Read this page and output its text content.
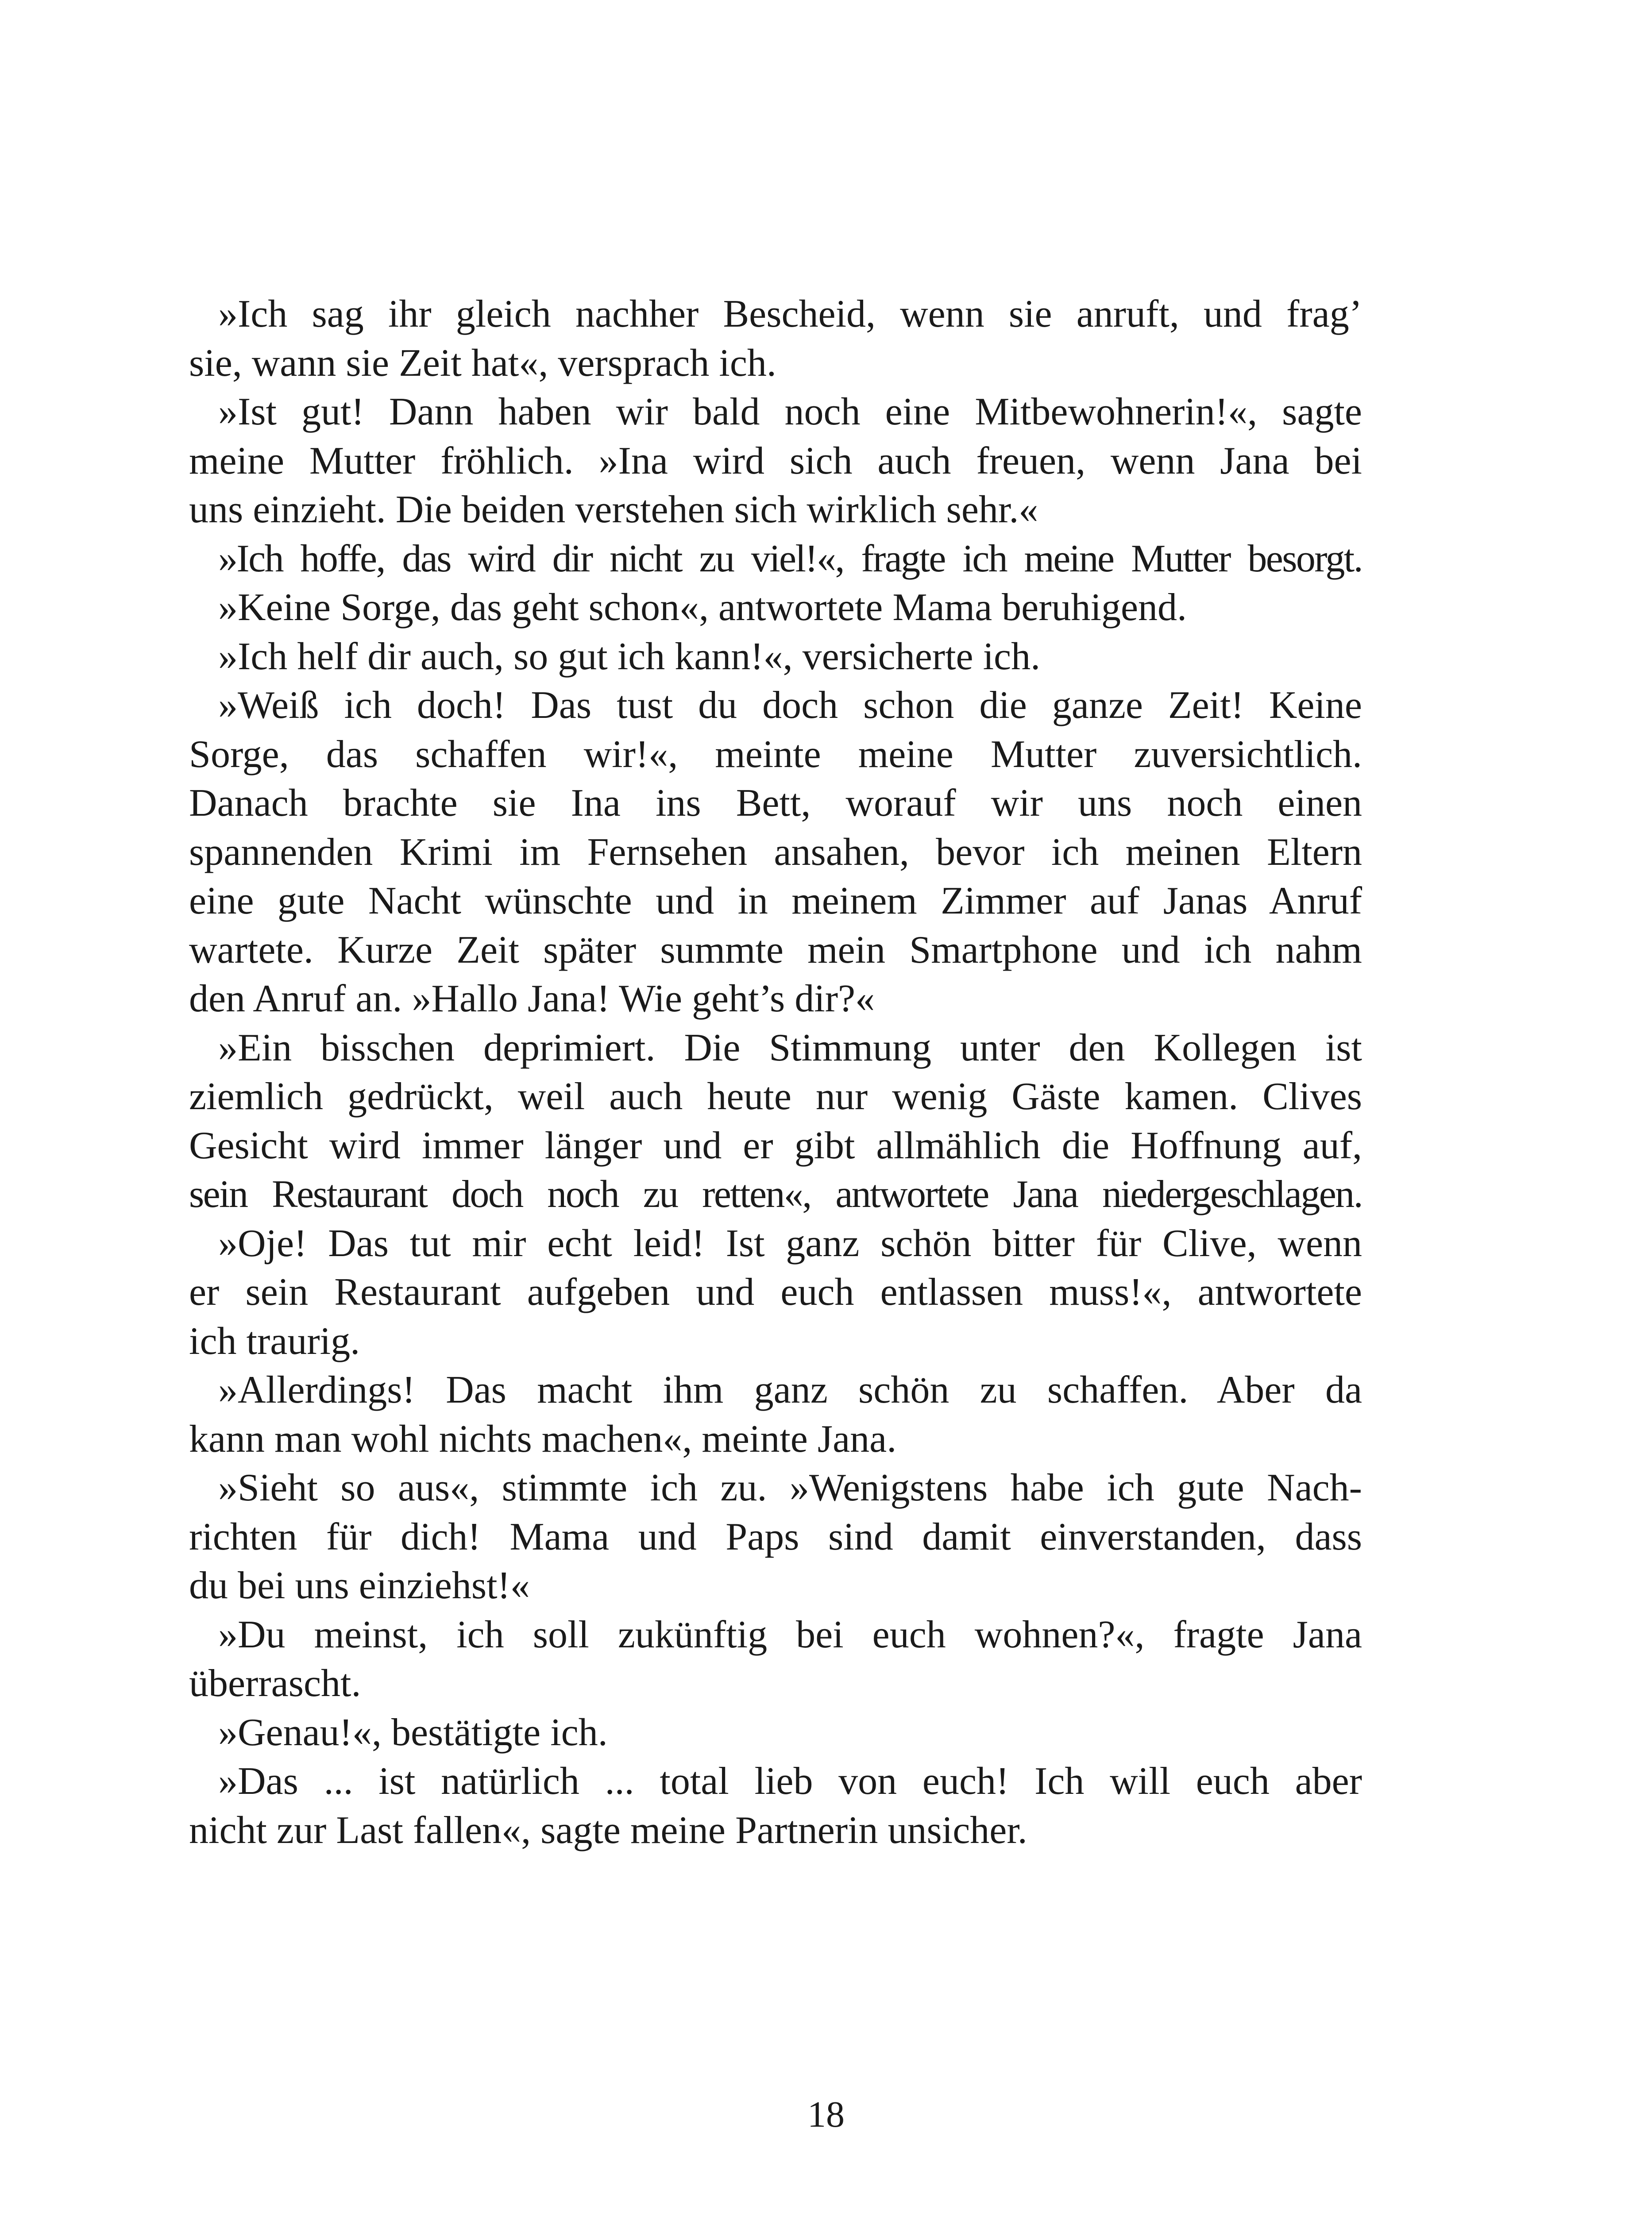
»Ich sag ihr gleich nachher Bescheid, wenn sie anruft, und frag’
sie, wann sie Zeit hat«, versprach ich.
»Ist gut! Dann haben wir bald noch eine Mitbewohnerin!«, sagte
meine Mutter fröhlich. »Ina wird sich auch freuen, wenn Jana bei
uns einzieht. Die beiden verstehen sich wirklich sehr.«
»Ich hoffe, das wird dir nicht zu viel!«, fragte ich meine Mutter besorgt.
»Keine Sorge, das geht schon«, antwortete Mama beruhigend.
»Ich helf dir auch, so gut ich kann!«, versicherte ich.
»Weiß ich doch! Das tust du doch schon die ganze Zeit! Keine
Sorge, das schaffen wir!«, meinte meine Mutter zuversichtlich.
Danach brachte sie Ina ins Bett, worauf wir uns noch einen
spannenden Krimi im Fernsehen ansahen, bevor ich meinen Eltern
eine gute Nacht wünschte und in meinem Zimmer auf Janas Anruf
wartete. Kurze Zeit später summte mein Smartphone und ich nahm
den Anruf an. »Hallo Jana! Wie geht’s dir?«
»Ein bisschen deprimiert. Die Stimmung unter den Kollegen ist
ziemlich gedrückt, weil auch heute nur wenig Gäste kamen. Clives
Gesicht wird immer länger und er gibt allmählich die Hoffnung auf,
sein Restaurant doch noch zu retten«, antwortete Jana niedergeschlagen.
»Oje! Das tut mir echt leid! Ist ganz schön bitter für Clive, wenn
er sein Restaurant aufgeben und euch entlassen muss!«, antwortete
ich traurig.
»Allerdings! Das macht ihm ganz schön zu schaffen. Aber da
kann man wohl nichts machen«, meinte Jana.
»Sieht so aus«, stimmte ich zu. »Wenigstens habe ich gute Nach-
richten für dich! Mama und Paps sind damit einverstanden, dass
du bei uns einziehst!«
»Du meinst, ich soll zukünftig bei euch wohnen?«, fragte Jana
überrascht.
»Genau!«, bestätigte ich.
»Das ... ist natürlich ... total lieb von euch! Ich will euch aber
nicht zur Last fallen«, sagte meine Partnerin unsicher.
18
